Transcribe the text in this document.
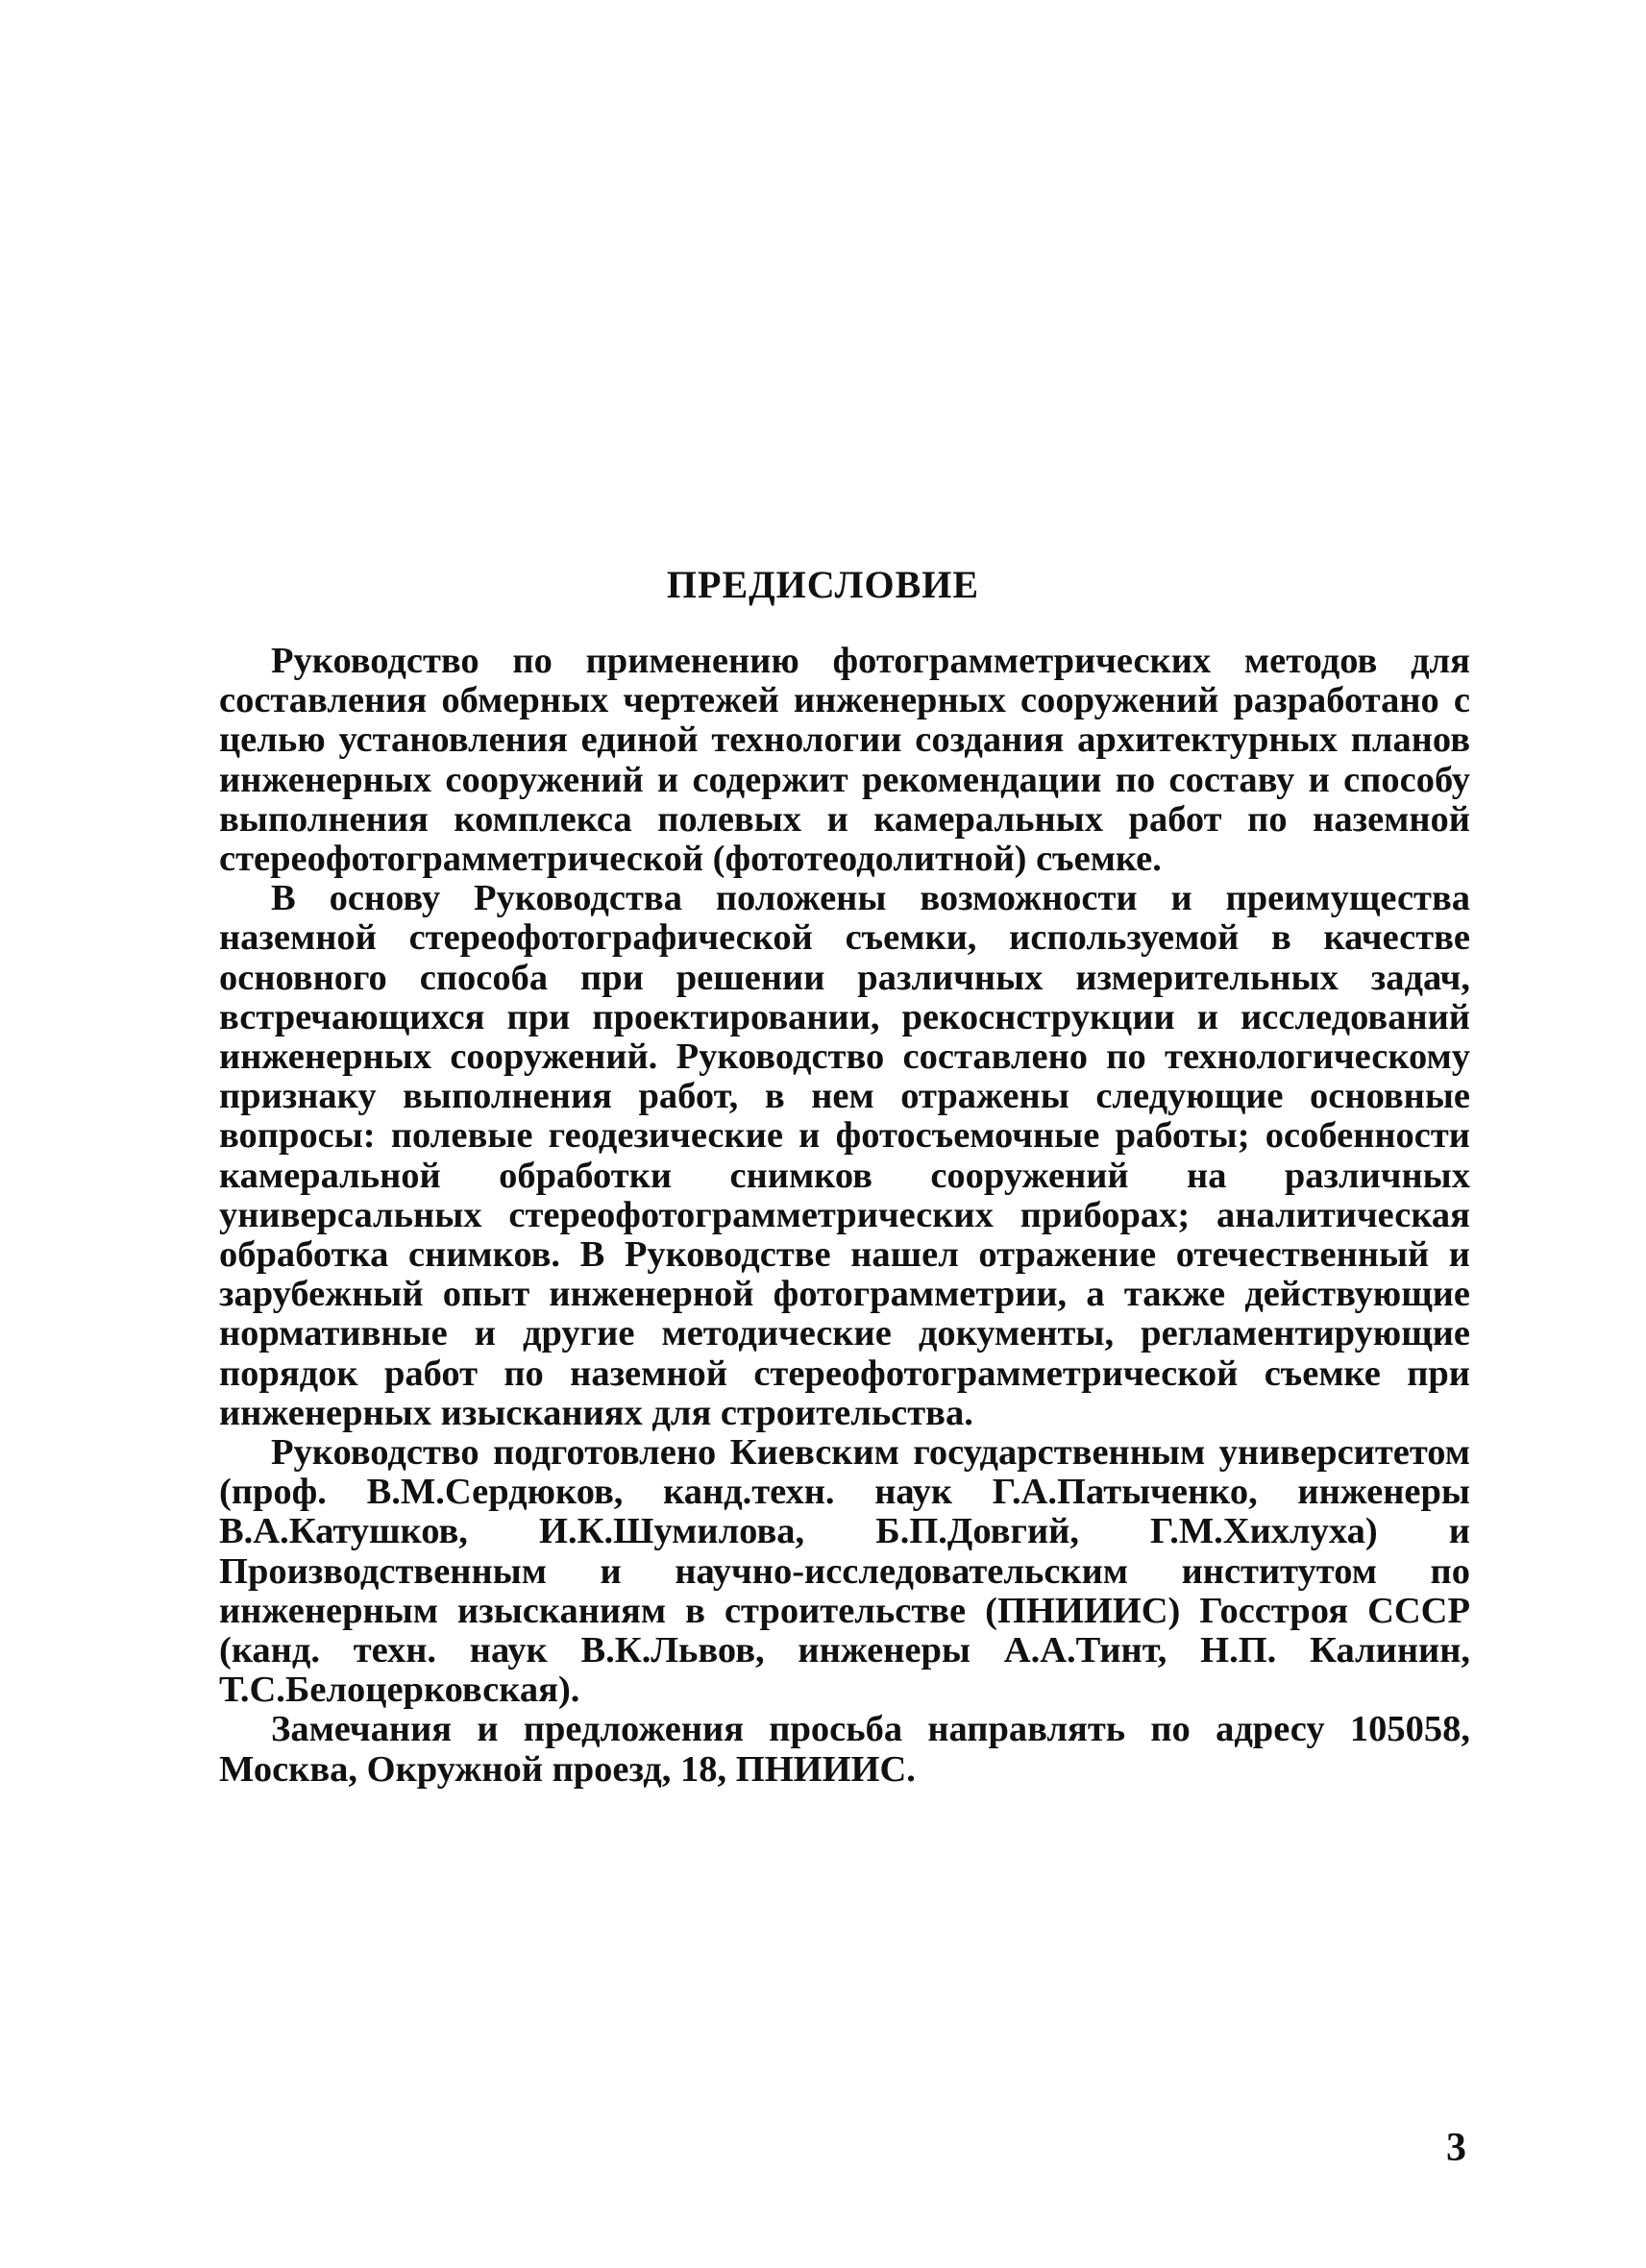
ПРЕДИСЛОВИЕ

Руководство по применению фотограмметрических методов для составления обмерных чертежей инженерных сооружений разработано с целью установления единой технологии создания архитектурных планов инженерных сооружений и содержит рекомендации по составу и способу выполнения комплекса полевых и камеральных работ по наземной стереофотограмметрической (фототеодолитной) съемке.

В основу Руководства положены возможности и преимущества наземной стереофотографической съемки, используемой в качестве основного способа при решении различных измерительных задач, встречающихся при проектировании, рекоснструкции и исследований инженерных сооружений. Руководство составлено по технологическому признаку выполнения работ, в нем отражены следующие основные вопросы: полевые геодезические и фотосъемочные работы; особенности камеральной обработки снимков сооружений на различных универсальных стереофотограмметрических приборах; аналитическая обработка снимков. В Руководстве нашел отражение отечественный и зарубежный опыт инженерной фотограмметрии, а также действующие нормативные и другие методические документы, регламентирующие порядок работ по наземной стереофотограмметрической съемке при инженерных изысканиях для строительства.

Руководство подготовлено Киевским государственным университетом (проф. В.М.Сердюков, канд.техн. наук Г.А.Патыченко, инженеры В.А.Катушков, И.К.Шумилова, Б.П.Довгий, Г.М.Хихлуха) и Производственным и научно-исследовательским институтом по инженерным изысканиям в строительстве (ПНИИИС) Госстроя СССР (канд. техн. наук В.К.Львов, инженеры А.А.Тинт, Н.П. Калинин, Т.С.Белоцерковская).

Замечания и предложения просьба направлять по адресу 105058, Москва, Окружной проезд, 18, ПНИИИС.

3
